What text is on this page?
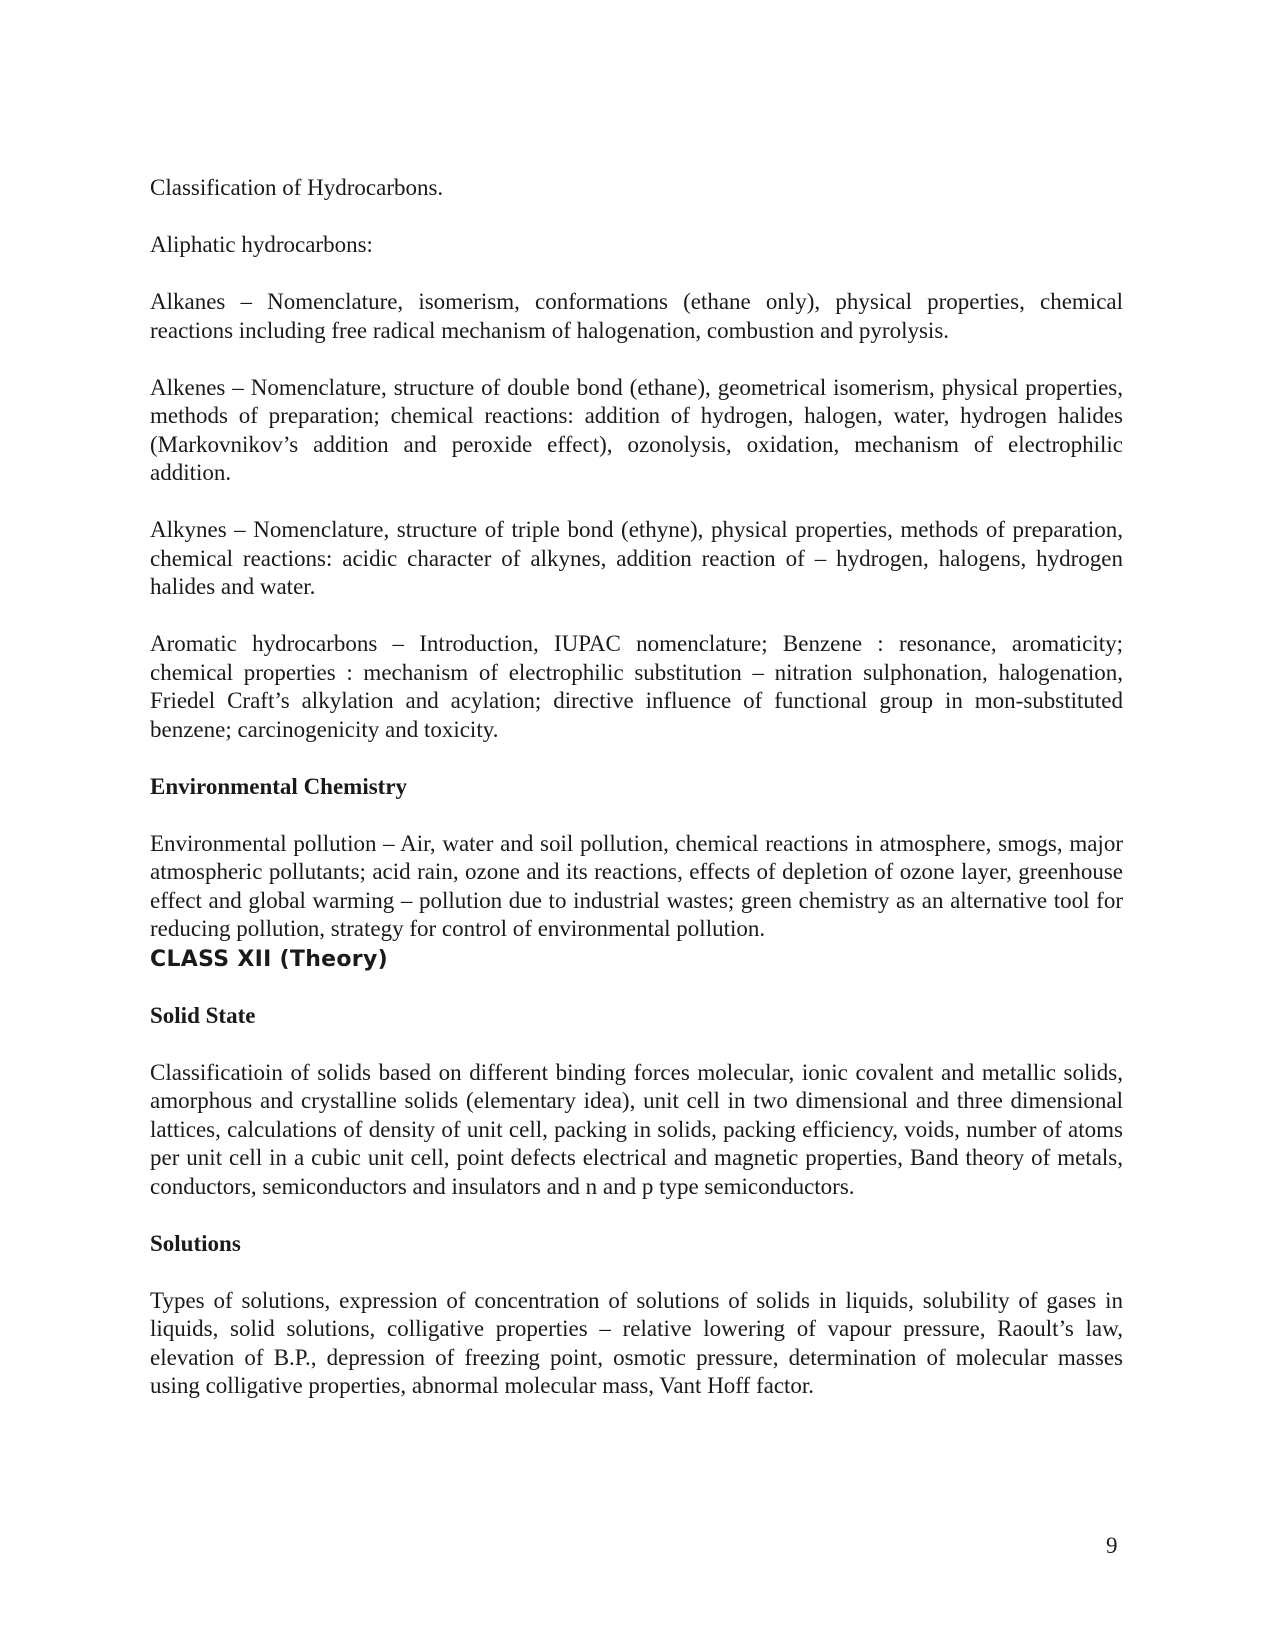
Classification of Hydrocarbons.

Aliphatic hydrocarbons:

Alkanes – Nomenclature, isomerism, conformations (ethane only), physical properties, chemical reactions including free radical mechanism of halogenation, combustion and pyrolysis.

Alkenes – Nomenclature, structure of double bond (ethane), geometrical isomerism, physical properties, methods of preparation; chemical reactions: addition of hydrogen, halogen, water, hydrogen halides (Markovnikov’s addition and peroxide effect), ozonolysis, oxidation, mechanism of electrophilic addition.

Alkynes – Nomenclature, structure of triple bond (ethyne), physical properties, methods of preparation, chemical reactions: acidic character of alkynes, addition reaction of – hydrogen, halogens, hydrogen halides and water.

Aromatic hydrocarbons – Introduction, IUPAC nomenclature; Benzene : resonance, aromaticity; chemical properties : mechanism of electrophilic substitution – nitration sulphonation, halogenation, Friedel Craft’s alkylation and acylation; directive influence of functional group in mon-substituted benzene; carcinogenicity and toxicity.

Environmental Chemistry

Environmental pollution – Air, water and soil pollution, chemical reactions in atmosphere, smogs, major atmospheric pollutants; acid rain, ozone and its reactions, effects of depletion of ozone layer, greenhouse effect and global warming – pollution due to industrial wastes; green chemistry as an alternative tool for reducing pollution, strategy for control of environmental pollution.

CLASS XII (Theory)

Solid State

Classificatioin of solids based on different binding forces molecular, ionic covalent and metallic solids, amorphous and crystalline solids (elementary idea), unit cell in two dimensional and three dimensional lattices, calculations of density of unit cell, packing in solids, packing efficiency, voids, number of atoms per unit cell in a cubic unit cell, point defects electrical and magnetic properties, Band theory of metals, conductors, semiconductors and insulators and n and p type semiconductors.

Solutions

Types of solutions, expression of concentration of solutions of solids in liquids, solubility of gases in liquids, solid solutions, colligative properties – relative lowering of vapour pressure, Raoult’s law, elevation of B.P., depression of freezing point, osmotic pressure, determination of molecular masses using colligative properties, abnormal molecular mass, Vant Hoff factor.

9
